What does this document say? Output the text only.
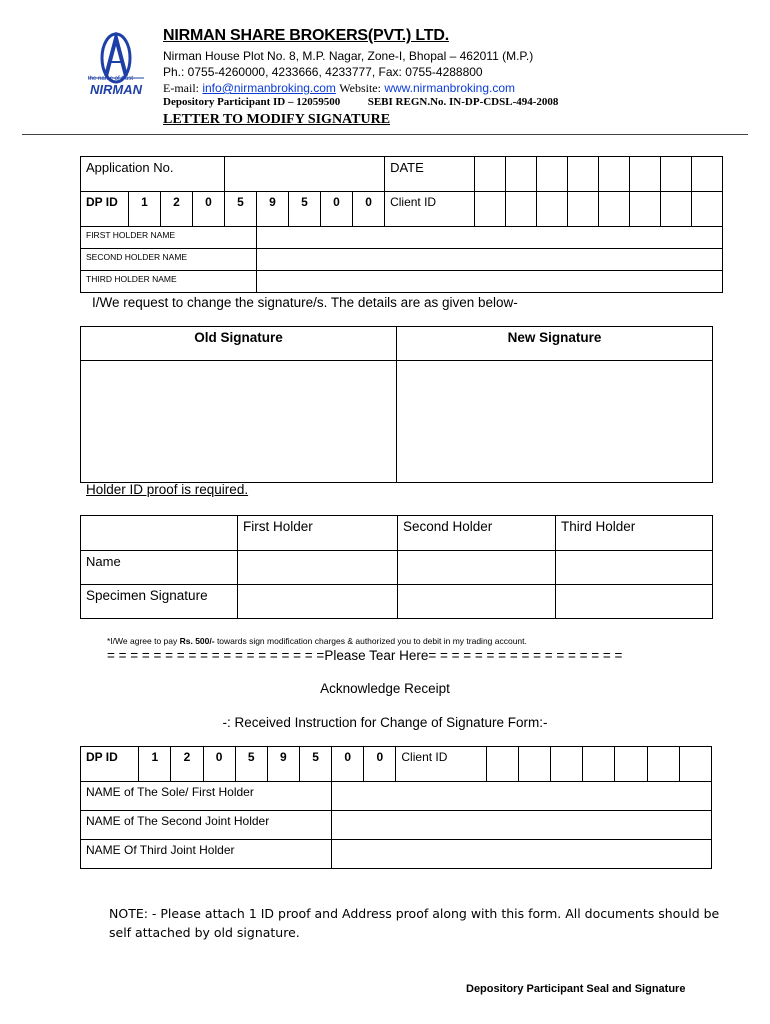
the name of trust
NIRMAN
NIRMAN SHARE BROKERS(PVT.) LTD.
Nirman House Plot No. 8, M.P. Nagar, Zone-I, Bhopal – 462011 (M.P.)
Ph.: 0755-4260000, 4233666, 4233777, Fax: 0755-4288800
E-mail: info@nirmanbroking.com Website: www.nirmanbroking.com
Depository Participant ID – 12059500	SEBI REGN.No. IN-DP-CDSL-494-2008
LETTER TO MODIFY SIGNATURE
Application No.									DATE								

DP ID	1	2	0	5	9	5	0	0	Client ID								

FIRST HOLDER NAME																	

SECOND HOLDER NAME																	

THIRD HOLDER NAME																	

I/We request to change the signature/s. The details are as given below-
Old Signature	New Signature

Holder ID proof is required.

	First Holder	Second Holder	Third Holder

Name			

Specimen Signature			

*I/We agree to pay Rs. 500/- towards sign modification charges & authorized you to debit in my trading account.
= = = = = = = = = = = = = = = = = = =Please Tear Here= = = = = = = = = = = = = = = = =
Acknowledge Receipt
-: Received Instruction for Change of Signature Form:-
DP ID	1	2	0	5	9	5	0	0	Client ID							

NAME of The Sole/ First Holder																

NAME of The Second Joint Holder																

NAME Of Third Joint Holder																

NOTE: - Please attach 1 ID proof and Address proof along with this form. All documents should be self attached by old signature.
Depository Participant Seal and Signature
